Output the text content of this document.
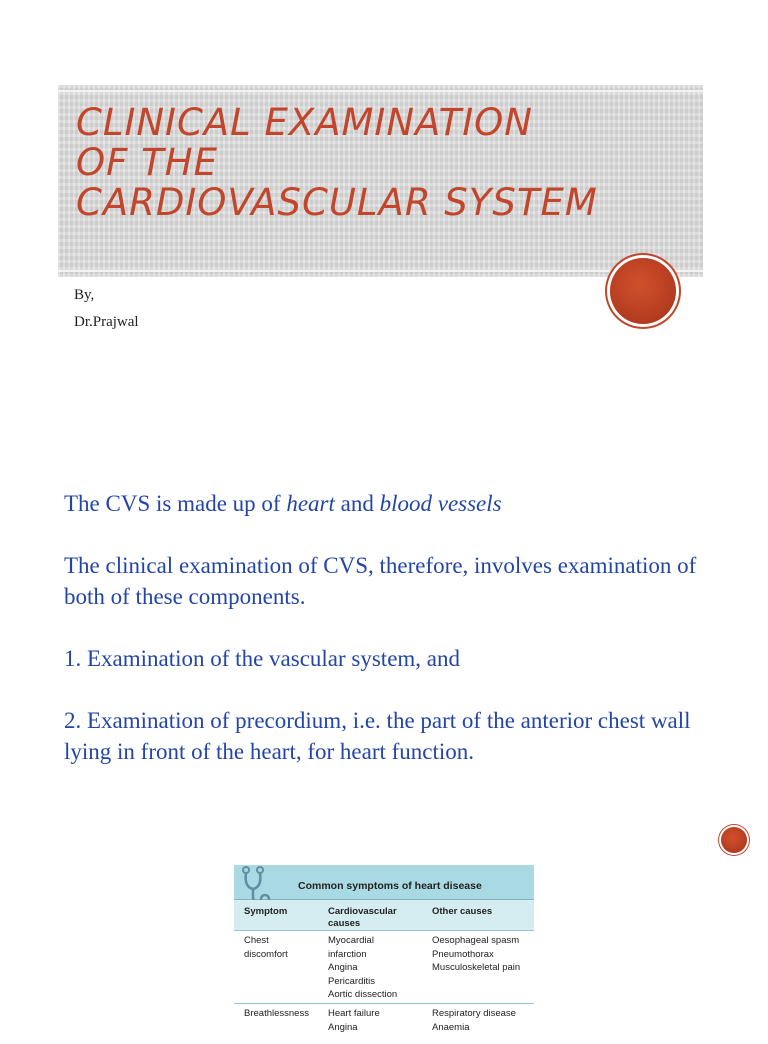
CLINICAL EXAMINATION
OF THE
CARDIOVASCULAR SYSTEM
By,
Dr.Prajwal

The CVS is made up of heart and blood vessels

The clinical examination of CVS, therefore, involves examination of both of these components.

1. Examination of the vascular system, and

2. Examination of precordium, i.e. the part of the anterior chest wall lying in front of the heart, for heart function.

Common symptoms of heart disease
Symptom	Cardiovascular causes
Other causes
Chest
discomfort
Myocardial
infarction
Angina
Pericarditis
Aortic dissection
Oesophageal spasm
Pneumothorax
Musculoskeletal pain
Breathlessness Heart failure
Angina
Respiratory disease
Anaemia
